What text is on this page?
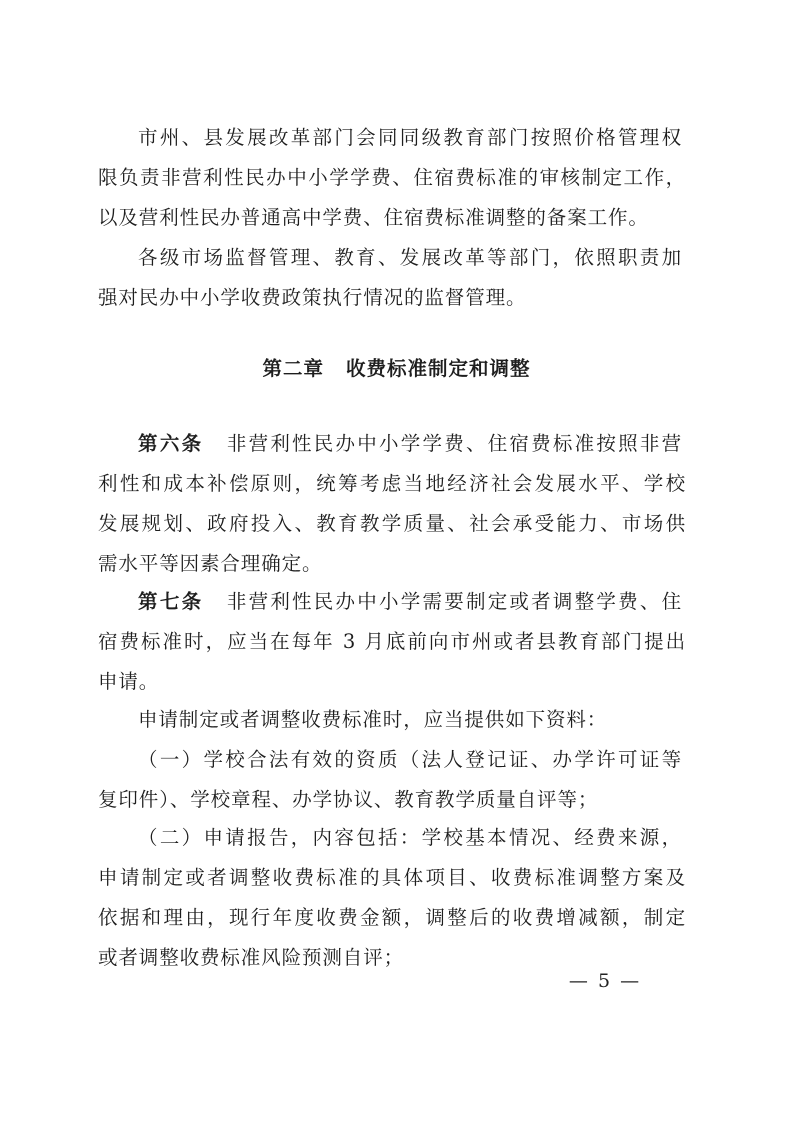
市州、县发展改革部门会同同级教育部门按照价格管理权
限负责非营利性民办中小学学费、住宿费标准的审核制定工作，
以及营利性民办普通高中学费、住宿费标准调整的备案工作。
各级市场监督管理、教育、发展改革等部门，依照职责加
强对民办中小学收费政策执行情况的监督管理。
第二章 收费标准制定和调整
第六条 非营利性民办中小学学费、住宿费标准按照非营
利性和成本补偿原则，统筹考虑当地经济社会发展水平、学校
发展规划、政府投入、教育教学质量、社会承受能力、市场供
需水平等因素合理确定。
第七条 非营利性民办中小学需要制定或者调整学费、住
宿费标准时，应当在每年 3 月底前向市州或者县教育部门提出
申请。
申请制定或者调整收费标准时，应当提供如下资料：
（一）学校合法有效的资质（法人登记证、办学许可证等
复印件）、学校章程、办学协议、教育教学质量自评等；
（二）申请报告，内容包括：学校基本情况、经费来源，
申请制定或者调整收费标准的具体项目、收费标准调整方案及
依据和理由，现行年度收费金额，调整后的收费增减额，制定
或者调整收费标准风险预测自评；
— 5 —
